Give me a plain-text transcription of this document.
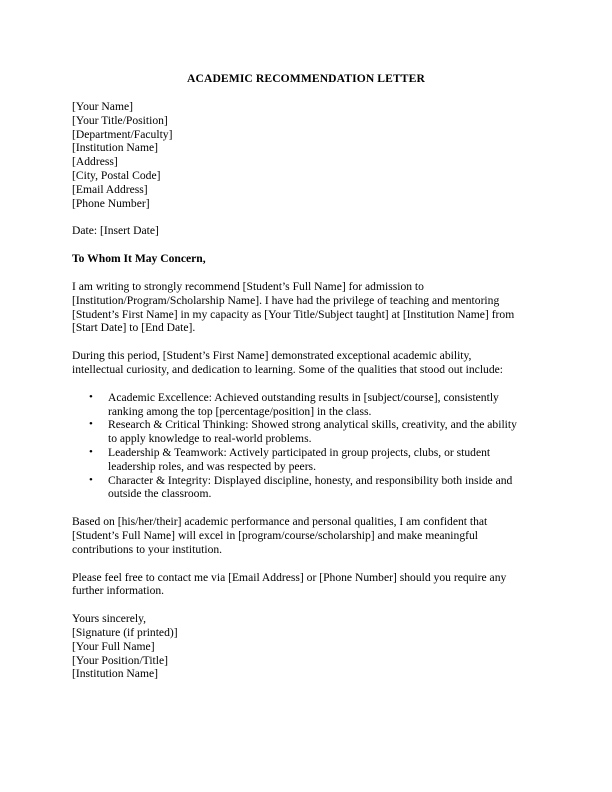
ACADEMIC RECOMMENDATION LETTER
[Your Name]
[Your Title/Position]
[Department/Faculty]
[Institution Name]
[Address]
[City, Postal Code]
[Email Address]
[Phone Number]

Date: [Insert Date]

To Whom It May Concern,

I am writing to strongly recommend [Student’s Full Name] for admission to
[Institution/Program/Scholarship Name]. I have had the privilege of teaching and mentoring
[Student’s First Name] in my capacity as [Your Title/Subject taught] at [Institution Name] from
[Start Date] to [End Date].

During this period, [Student’s First Name] demonstrated exceptional academic ability,
intellectual curiosity, and dedication to learning. Some of the qualities that stood out include:

• Academic Excellence: Achieved outstanding results in [subject/course], consistently
ranking among the top [percentage/position] in the class.
• Research & Critical Thinking: Showed strong analytical skills, creativity, and the ability
to apply knowledge to real-world problems.
• Leadership & Teamwork: Actively participated in group projects, clubs, or student
leadership roles, and was respected by peers.
• Character & Integrity: Displayed discipline, honesty, and responsibility both inside and
outside the classroom.

Based on [his/her/their] academic performance and personal qualities, I am confident that
[Student’s Full Name] will excel in [program/course/scholarship] and make meaningful
contributions to your institution.

Please feel free to contact me via [Email Address] or [Phone Number] should you require any
further information.

Yours sincerely,
[Signature (if printed)]
[Your Full Name]
[Your Position/Title]
[Institution Name]
